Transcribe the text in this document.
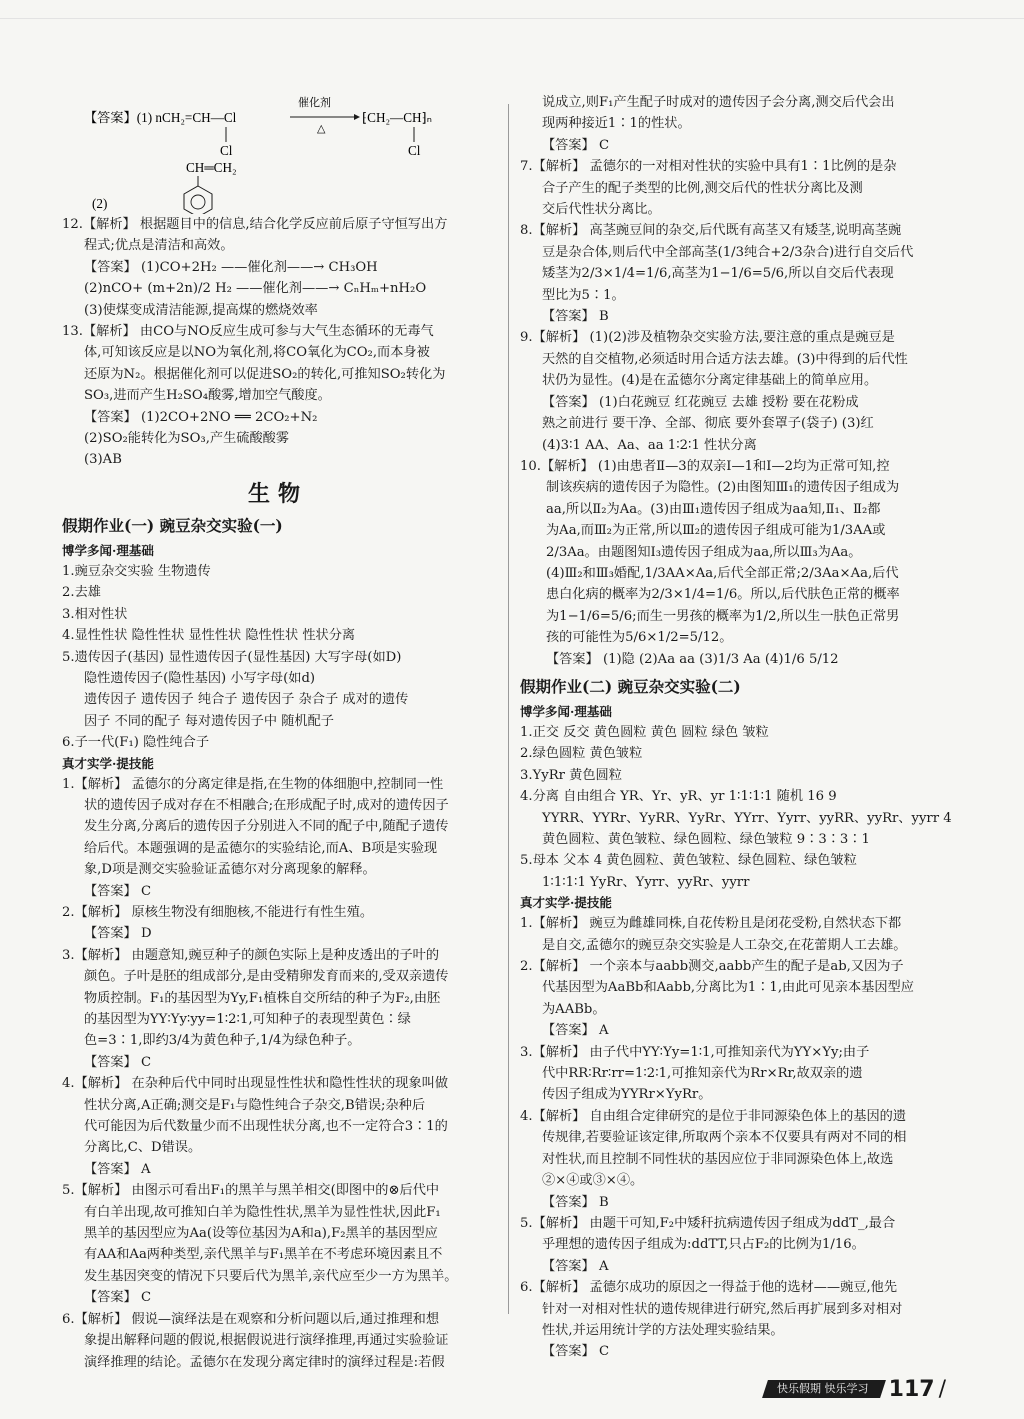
【答案】(1) nCH₂=CH—Cl
催化剂
△
⁅CH₂—CH⁆ₙ
Cl	Cl
CH═CH₂
(2)
12.【解析】 根据题目中的信息,结合化学反应前后原子守恒写出方
程式;优点是清洁和高效。
【答案】 (1)CO+2H₂ ——催化剂——→ CH₃OH
(2)nCO+ (m+2n)/2 H₂ ——催化剂——→ CₙHₘ+nH₂O
(3)使煤变成清洁能源,提高煤的燃烧效率
13.【解析】 由CO与NO反应生成可参与大气生态循环的无毒气
体,可知该反应是以NO为氧化剂,将CO氧化为CO₂,而本身被
还原为N₂。根据催化剂可以促进SO₂的转化,可推知SO₂转化为
SO₃,进而产生H₂SO₄酸雾,增加空气酸度。
【答案】 (1)2CO+2NO ══ 2CO₂+N₂
(2)SO₂能转化为SO₃,产生硫酸酸雾
(3)AB
生物
假期作业(一) 豌豆杂交实验(一)
博学多闻·理基础
1.豌豆杂交实验 生物遗传
2.去雄
3.相对性状
4.显性性状 隐性性状 显性性状 隐性性状 性状分离
5.遗传因子(基因) 显性遗传因子(显性基因) 大写字母(如D)
隐性遗传因子(隐性基因) 小写字母(如d)
遗传因子 遗传因子 纯合子 遗传因子 杂合子 成对的遗传
因子 不同的配子 每对遗传因子中 随机配子
6.子一代(F₁) 隐性纯合子
真才实学·提技能
1.【解析】 孟德尔的分离定律是指,在生物的体细胞中,控制同一性
状的遗传因子成对存在不相融合;在形成配子时,成对的遗传因子
发生分离,分离后的遗传因子分别进入不同的配子中,随配子遗传
给后代。本题强调的是孟德尔的实验结论,而A、B项是实验现
象,D项是测交实验验证孟德尔对分离现象的解释。
【答案】 C
2.【解析】 原核生物没有细胞核,不能进行有性生殖。
【答案】 D
3.【解析】 由题意知,豌豆种子的颜色实际上是种皮透出的子叶的
颜色。子叶是胚的组成部分,是由受精卵发育而来的,受双亲遗传
物质控制。F₁的基因型为Yy,F₁植株自交所结的种子为F₂,由胚
的基因型为YY∶Yy∶yy=1∶2∶1,可知种子的表现型黄色∶绿
色=3∶1,即约3/4为黄色种子,1/4为绿色种子。
【答案】 C
4.【解析】 在杂种后代中同时出现显性性状和隐性性状的现象叫做
性状分离,A正确;测交是F₁与隐性纯合子杂交,B错误;杂种后
代可能因为后代数量少而不出现性状分离,也不一定符合3∶1的
分离比,C、D错误。
【答案】 A
5.【解析】 由图示可看出F₁的黑羊与黑羊相交(即图中的⊗后代中
有白羊出现,故可推知白羊为隐性性状,黑羊为显性性状,因此F₁
黑羊的基因型应为Aa(设等位基因为A和a),F₂黑羊的基因型应
有AA和Aa两种类型,亲代黑羊与F₁黑羊在不考虑环境因素且不
发生基因突变的情况下只要后代为黑羊,亲代应至少一方为黑羊。
【答案】 C
6.【解析】 假说—演绎法是在观察和分析问题以后,通过推理和想
象提出解释问题的假说,根据假说进行演绎推理,再通过实验验证
演绎推理的结论。孟德尔在发现分离定律时的演绎过程是:若假
说成立,则F₁产生配子时成对的遗传因子会分离,测交后代会出
现两种接近1∶1的性状。
【答案】 C
7.【解析】 孟德尔的一对相对性状的实验中具有1∶1比例的是杂
合子产生的配子类型的比例,测交后代的性状分离比及测
交后代性状分离比。
8.【解析】 高茎豌豆间的杂交,后代既有高茎又有矮茎,说明高茎豌
豆是杂合体,则后代中全部高茎(1/3纯合+2/3杂合)进行自交后代
矮茎为2/3×1/4=1/6,高茎为1−1/6=5/6,所以自交后代表现
型比为5∶1。
【答案】 B
9.【解析】 (1)(2)涉及植物杂交实验方法,要注意的重点是豌豆是
天然的自交植物,必须适时用合适方法去雄。(3)中得到的后代性
状仍为显性。(4)是在孟德尔分离定律基础上的简单应用。
【答案】 (1)白花豌豆 红花豌豆 去雄 授粉 要在花粉成
熟之前进行 要干净、全部、彻底 要外套罩子(袋子) (3)红
(4)3∶1 AA、Aa、aa 1∶2∶1 性状分离
10.【解析】 (1)由患者Ⅱ—3的双亲Ⅰ—1和Ⅰ—2均为正常可知,控
制该疾病的遗传因子为隐性。(2)由图知Ⅲ₁的遗传因子组成为
aa,所以Ⅱ₂为Aa。(3)由Ⅲ₁遗传因子组成为aa知,Ⅱ₁、Ⅱ₂都
为Aa,而Ⅲ₂为正常,所以Ⅲ₂的遗传因子组成可能为1/3AA或
2/3Aa。由题图知Ⅰ₃遗传因子组成为aa,所以Ⅲ₃为Aa。
(4)Ⅲ₂和Ⅲ₃婚配,1/3AA×Aa,后代全部正常;2/3Aa×Aa,后代
患白化病的概率为2/3×1/4=1/6。所以,后代肤色正常的概率
为1−1/6=5/6;而生一男孩的概率为1/2,所以生一肤色正常男
孩的可能性为5/6×1/2=5/12。
【答案】 (1)隐 (2)Aa aa (3)1/3 Aa (4)1/6 5/12
假期作业(二) 豌豆杂交实验(二)
博学多闻·理基础
1.正交 反交 黄色圆粒 黄色 圆粒 绿色 皱粒
2.绿色圆粒 黄色皱粒
3.YyRr 黄色圆粒
4.分离 自由组合 YR、Yr、yR、yr 1∶1∶1∶1 随机 16 9
YYRR、YYRr、YyRR、YyRr、YYrr、Yyrr、yyRR、yyRr、yyrr 4
黄色圆粒、黄色皱粒、绿色圆粒、绿色皱粒 9∶3∶3∶1
5.母本 父本 4 黄色圆粒、黄色皱粒、绿色圆粒、绿色皱粒
1∶1∶1∶1 YyRr、Yyrr、yyRr、yyrr
真才实学·提技能
1.【解析】 豌豆为雌雄同株,自花传粉且是闭花受粉,自然状态下都
是自交,孟德尔的豌豆杂交实验是人工杂交,在花蕾期人工去雄。
2.【解析】 一个亲本与aabb测交,aabb产生的配子是ab,又因为子
代基因型为AaBb和Aabb,分离比为1∶1,由此可见亲本基因型应
为AABb。
【答案】 A
3.【解析】 由子代中YY∶Yy=1∶1,可推知亲代为YY×Yy;由子
代中RR∶Rr∶rr=1∶2∶1,可推知亲代为Rr×Rr,故双亲的遗
传因子组成为YYRr×YyRr。
4.【解析】 自由组合定律研究的是位于非同源染色体上的基因的遗
传规律,若要验证该定律,所取两个亲本不仅要具有两对不同的相
对性状,而且控制不同性状的基因应位于非同源染色体上,故选
②×④或③×④。
【答案】 B
5.【解析】 由题干可知,F₂中矮秆抗病遗传因子组成为ddT_,最合
乎理想的遗传因子组成为:ddTT,只占F₂的比例为1/16。
【答案】 A
6.【解析】 孟德尔成功的原因之一得益于他的选材——豌豆,他先
针对一对相对性状的遗传规律进行研究,然后再扩展到多对相对
性状,并运用统计学的方法处理实验结果。
【答案】 C
快乐假期 快乐学习 117 /
